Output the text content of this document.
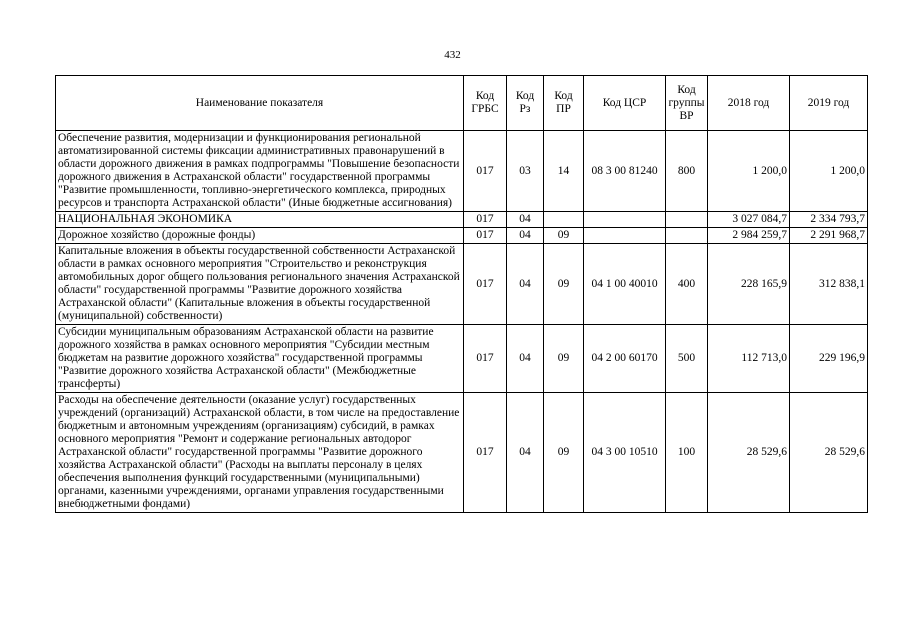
432
Наименование показателя	Код ГРБС	Код Рз	Код ПР	Код ЦСР	Код группы ВР	2018 год	2019 год
Обеспечение развития, модернизации и функционирования региональной автоматизированной системы фиксации административных правонарушений в области дорожного движения в рамках подпрограммы "Повышение безопасности дорожного движения в Астраханской области" государственной программы "Развитие промышленности, топливно-энергетического комплекса, природных ресурсов и транспорта Астраханской области" (Иные бюджетные ассигнования)	017	03	14	08 3 00 81240	800	1 200,0	1 200,0
НАЦИОНАЛЬНАЯ ЭКОНОМИКА	017	04				3 027 084,7	2 334 793,7
Дорожное хозяйство (дорожные фонды)	017	04	09			2 984 259,7	2 291 968,7
Капитальные вложения в объекты государственной собственности Астраханской области в рамках основного мероприятия "Строительство и реконструкция автомобильных дорог общего пользования регионального значения Астраханской области" государственной программы "Развитие дорожного хозяйства Астраханской области" (Капитальные вложения в объекты государственной (муниципальной) собственности)	017	04	09	04 1 00 40010	400	228 165,9	312 838,1
Субсидии муниципальным образованиям Астраханской области на развитие дорожного хозяйства в рамках основного мероприятия "Субсидии местным бюджетам на развитие дорожного хозяйства" государственной программы "Развитие дорожного хозяйства Астраханской области" (Межбюджетные трансферты)	017	04	09	04 2 00 60170	500	112 713,0	229 196,9
Расходы на обеспечение деятельности (оказание услуг) государственных учреждений (организаций) Астраханской области, в том числе на предоставление бюджетным и автономным учреждениям (организациям) субсидий, в рамках основного мероприятия "Ремонт и содержание региональных автодорог Астраханской области" государственной программы "Развитие дорожного хозяйства Астраханской области" (Расходы на выплаты персоналу в целях обеспечения выполнения функций государственными (муниципальными) органами, казенными учреждениями, органами управления государственными внебюджетными фондами)	017	04	09	04 3 00 10510	100	28 529,6	28 529,6
